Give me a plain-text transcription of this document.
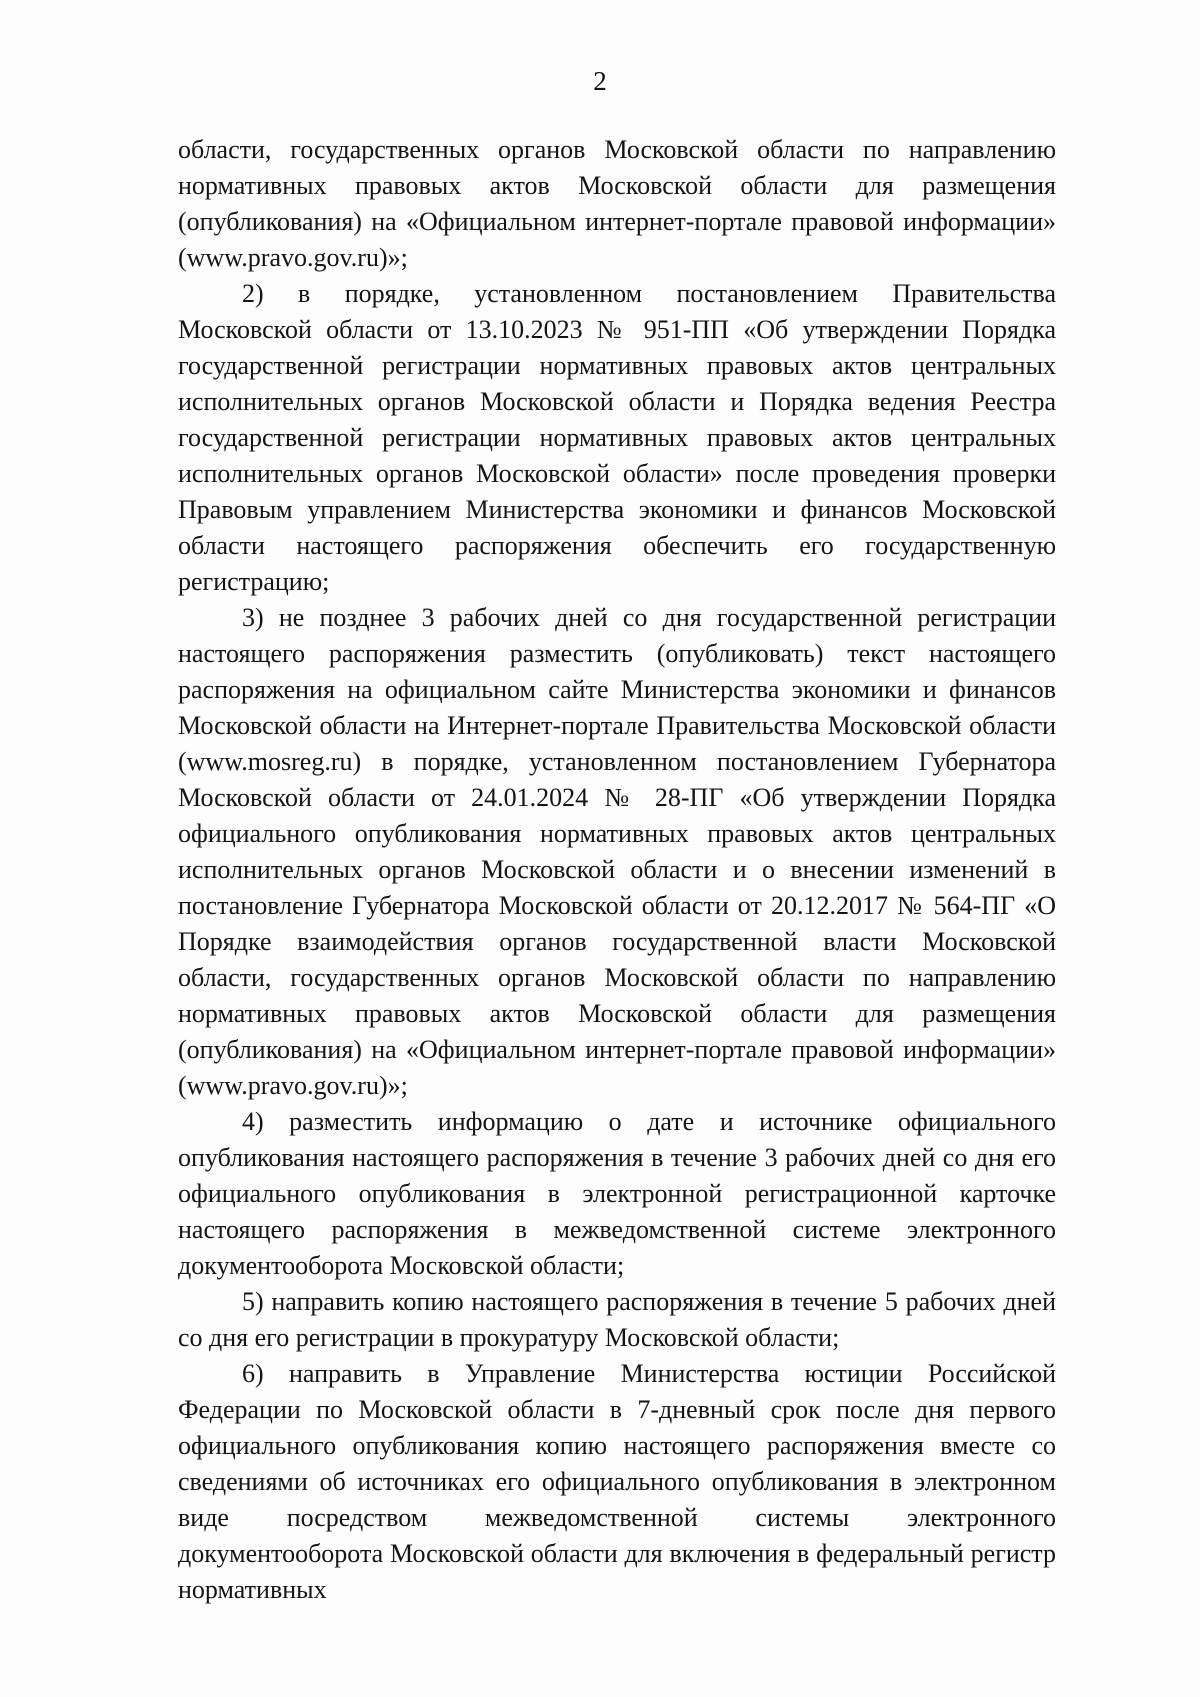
2

области, государственных органов Московской области по направлению нормативных правовых актов Московской области для размещения (опубликования) на «Официальном интернет-портале правовой информации» (www.pravo.gov.ru)»;

2) в порядке, установленном постановлением Правительства Московской области от 13.10.2023 № 951-ПП «Об утверждении Порядка государственной регистрации нормативных правовых актов центральных исполнительных органов Московской области и Порядка ведения Реестра государственной регистрации нормативных правовых актов центральных исполнительных органов Московской области» после проведения проверки Правовым управлением Министерства экономики и финансов Московской области настоящего распоряжения обеспечить его государственную регистрацию;

3) не позднее 3 рабочих дней со дня государственной регистрации настоящего распоряжения разместить (опубликовать) текст настоящего распоряжения на официальном сайте Министерства экономики и финансов Московской области на Интернет-портале Правительства Московской области (www.mosreg.ru) в порядке, установленном постановлением Губернатора Московской области от 24.01.2024 № 28-ПГ «Об утверждении Порядка официального опубликования нормативных правовых актов центральных исполнительных органов Московской области и о внесении изменений в постановление Губернатора Московской области от 20.12.2017 № 564-ПГ «О Порядке взаимодействия органов государственной власти Московской области, государственных органов Московской области по направлению нормативных правовых актов Московской области для размещения (опубликования) на «Официальном интернет-портале правовой информации» (www.pravo.gov.ru)»;

4) разместить информацию о дате и источнике официального опубликования настоящего распоряжения в течение 3 рабочих дней со дня его официального опубликования в электронной регистрационной карточке настоящего распоряжения в межведомственной системе электронного документооборота Московской области;

5) направить копию настоящего распоряжения в течение 5 рабочих дней со дня его регистрации в прокуратуру Московской области;

6) направить в Управление Министерства юстиции Российской Федерации по Московской области в 7-дневный срок после дня первого официального опубликования копию настоящего распоряжения вместе со сведениями об источниках его официального опубликования в электронном виде посредством межведомственной системы электронного документооборота Московской области для включения в федеральный регистр нормативных
